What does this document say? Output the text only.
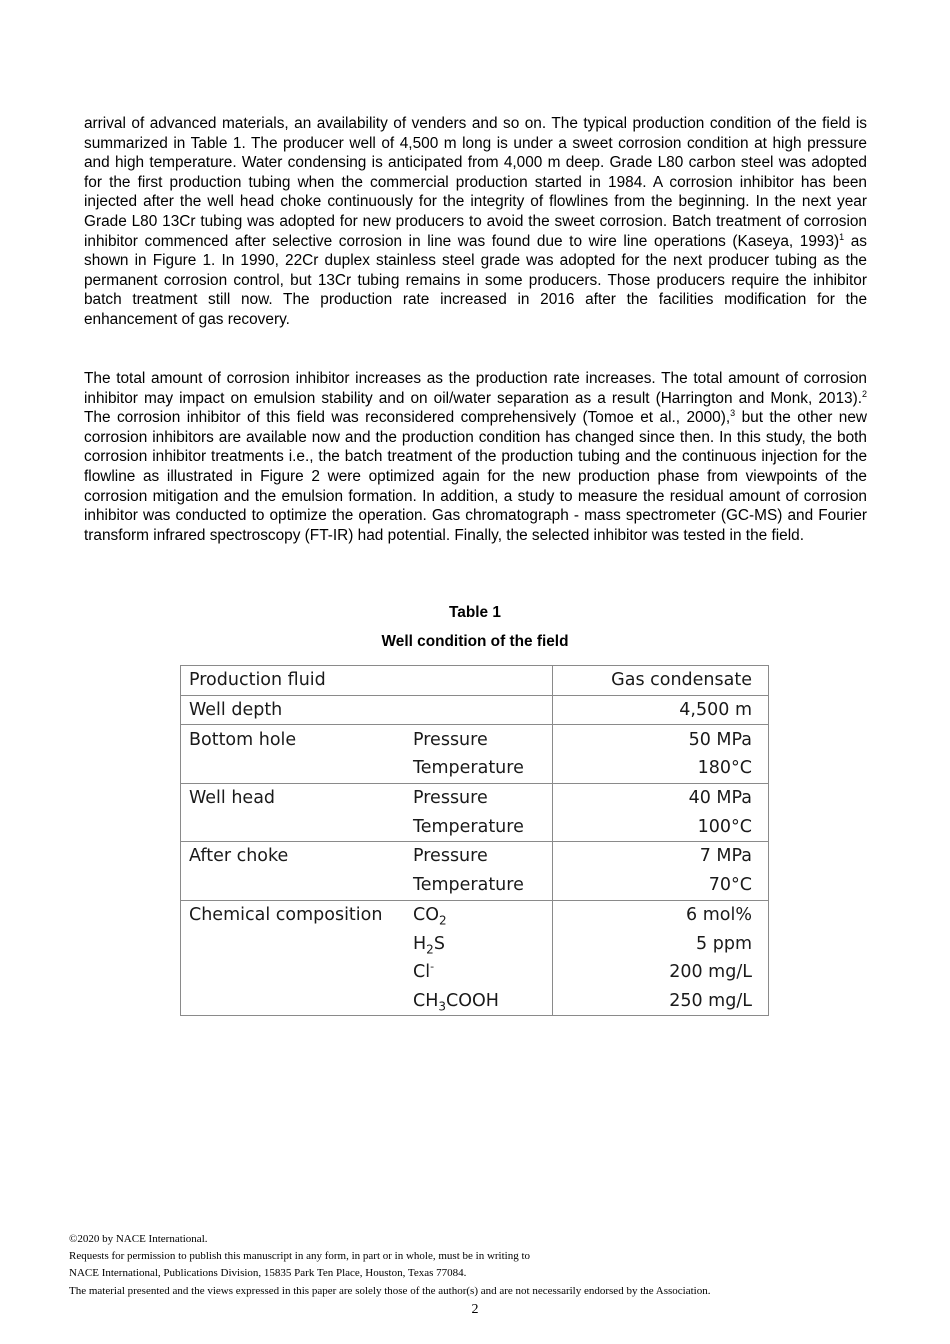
arrival of advanced materials, an availability of venders and so on. The typical production condition of the field is summarized in Table 1. The producer well of 4,500 m long is under a sweet corrosion condition at high pressure and high temperature. Water condensing is anticipated from 4,000 m deep. Grade L80 carbon steel was adopted for the first production tubing when the commercial production started in 1984. A corrosion inhibitor has been injected after the well head choke continuously for the integrity of flowlines from the beginning. In the next year Grade L80 13Cr tubing was adopted for new producers to avoid the sweet corrosion. Batch treatment of corrosion inhibitor commenced after selective corrosion in line was found due to wire line operations (Kaseya, 1993)$^1$ as shown in Figure 1. In 1990, 22Cr duplex stainless steel grade was adopted for the next producer tubing as the permanent corrosion control, but 13Cr tubing remains in some producers. Those producers require the inhibitor batch treatment still now. The production rate increased in 2016 after the facilities modification for the enhancement of gas recovery.

The total amount of corrosion inhibitor increases as the production rate increases. The total amount of corrosion inhibitor may impact on emulsion stability and on oil/water separation as a result (Harrington and Monk, 2013).$^2$ The corrosion inhibitor of this field was reconsidered comprehensively (Tomoe et al., 2000),$^3$ but the other new corrosion inhibitors are available now and the production condition has changed since then. In this study, the both corrosion inhibitor treatments i.e., the batch treatment of the production tubing and the continuous injection for the flowline as illustrated in Figure 2 were optimized again for the new production phase from viewpoints of the corrosion mitigation and the emulsion formation. In addition, a study to measure the residual amount of corrosion inhibitor was conducted to optimize the operation. Gas chromatograph - mass spectrometer (GC-MS) and Fourier transform infrared spectroscopy (FT-IR) had potential. Finally, the selected inhibitor was tested in the field.

Table 1

Well condition of the field

Production fluid		Gas condensate
Well depth		4,500 m
Bottom hole	Pressure	50 MPa
	Temperature	180°C
Well head	Pressure	40 MPa
	Temperature	100°C
After choke	Pressure	7 MPa
	Temperature	70°C
Chemical composition	$CO_2$	6 mol%
	$H_2S$	5 ppm
	Cl-	200 mg/L
	$CH_3COOH$	250 mg/L
©2020 by NACE International.
Requests for permission to publish this manuscript in any form, in part or in whole, must be in writing to
NACE International, Publications Division, 15835 Park Ten Place, Houston, Texas 77084.
The material presented and the views expressed in this paper are solely those of the author(s) and are not necessarily endorsed by the Association.
2
